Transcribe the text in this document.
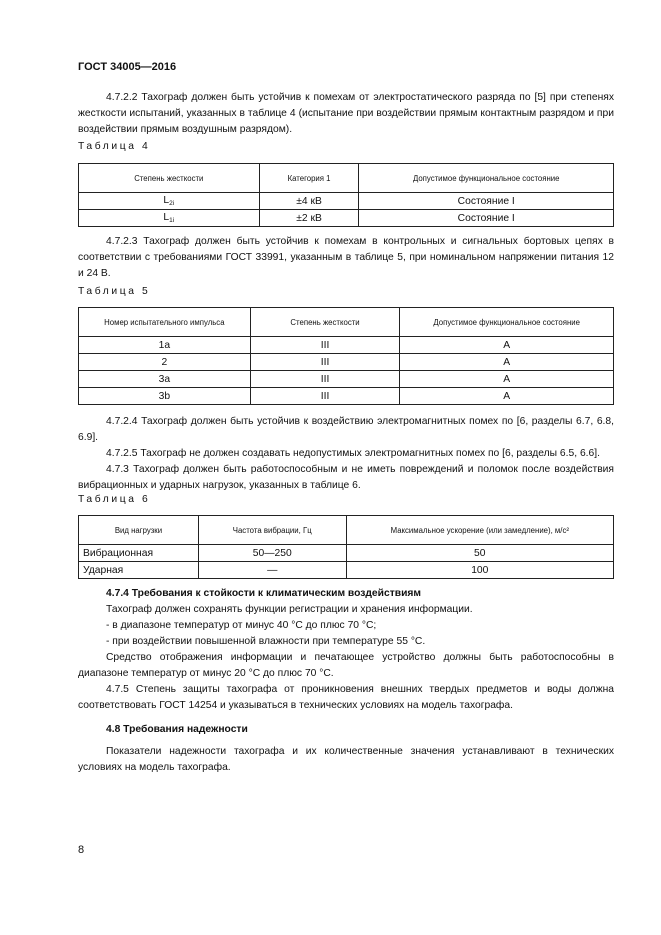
ГОСТ 34005—2016
4.7.2.2 Тахограф должен быть устойчив к помехам от электростатического разряда по [5] при степенях жесткости испытаний, указанных в таблице 4 (испытание при воздействии прямым контактным разрядом и при воздействии прямым воздушным разрядом).
Таблица 4
Степень жесткости	Категория 1	Допустимое функциональное состояние
$L_{2i}$	±4 кВ	Состояние I
$L_{1i}$	±2 кВ	Состояние I
4.7.2.3 Тахограф должен быть устойчив к помехам в контрольных и сигнальных бортовых цепях в соответствии с требованиями ГОСТ 33991, указанным в таблице 5, при номинальном напряжении питания 12 и 24 В.
Таблица 5
Номер испытательного импульса	Степень жесткости	Допустимое функциональное состояние
1a	III	A
2	III	A
3a	III	A
3b	III	A
4.7.2.4 Тахограф должен быть устойчив к воздействию электромагнитных помех по [6, разделы 6.7, 6.8, 6.9].
4.7.2.5 Тахограф не должен создавать недопустимых электромагнитных помех по [6, разделы 6.5, 6.6].
4.7.3 Тахограф должен быть работоспособным и не иметь повреждений и поломок после воздействия вибрационных и ударных нагрузок, указанных в таблице 6.
Таблица 6
Вид нагрузки	Частота вибрации, Гц	Максимальное ускорение (или замедление), м/с²
Вибрационная	50—250	50
Ударная	—	100
4.7.4 Требования к стойкости к климатическим воздействиям
Тахограф должен сохранять функции регистрации и хранения информации.
- в диапазоне температур от минус 40 °С до плюс 70 °С;
- при воздействии повышенной влажности при температуре 55 °С.
Средство отображения информации и печатающее устройство должны быть работоспособны в диапазоне температур от минус 20 °С до плюс 70 °С.
4.7.5 Степень защиты тахографа от проникновения внешних твердых предметов и воды должна соответствовать ГОСТ 14254 и указываться в технических условиях на модель тахографа.
4.8 Требования надежности
Показатели надежности тахографа и их количественные значения устанавливают в технических условиях на модель тахографа.
8
